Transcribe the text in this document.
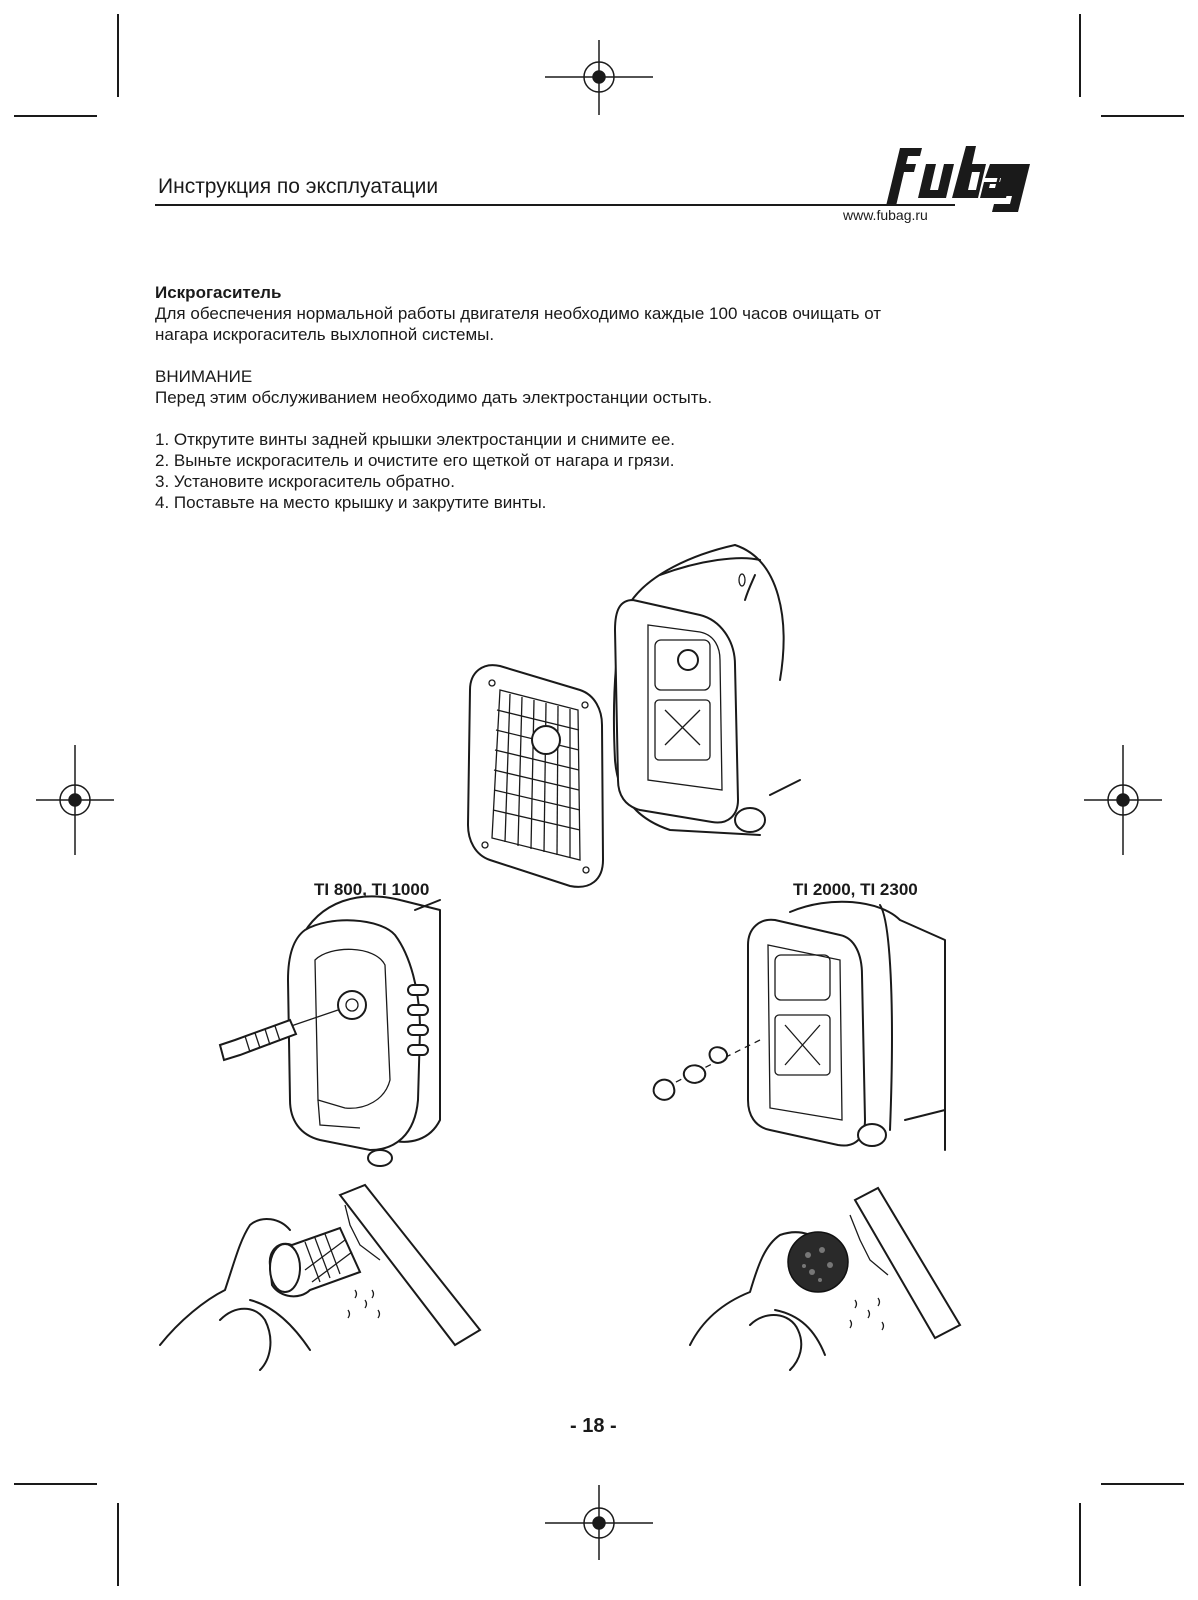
Инструкция по эксплуатации
www.fubag.ru

Искрогаситель

Для обеспечения нормальной работы двигателя необходимо каждые 100 часов очищать от

нагара искрогаситель выхлопной системы.

ВНИМАНИЕ

Перед этим обслуживанием необходимо дать электростанции остыть.

1. Открутите винты задней крышки электростанции и снимите ее.

2. Выньте искрогаситель и очистите его щеткой от нагара и грязи.

3. Установите искрогаситель обратно.

4. Поставьте на место крышку и закрутите винты.

TI 800, TI 1000	TI 2000, TI 2300
- 18 -
